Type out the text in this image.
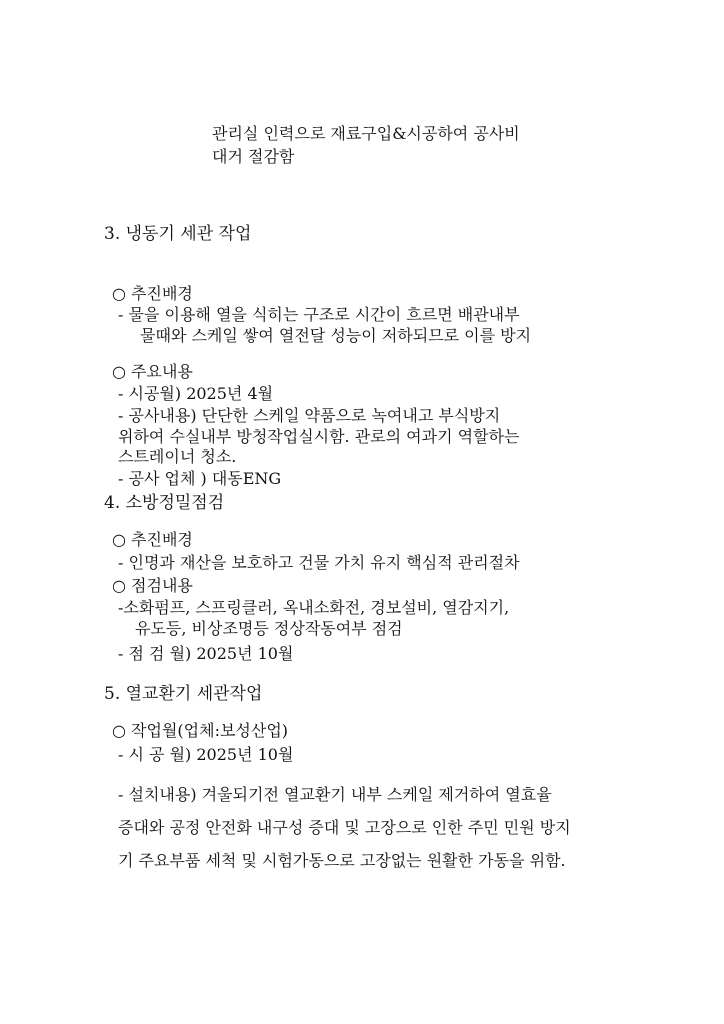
관리실 인력으로 재료구입&시공하여 공사비
대거 절감함
3. 냉동기 세관 작업
○ 추진배경
- 물을 이용해 열을 식히는 구조로 시간이 흐르면 배관내부
물때와 스케일 쌓여 열전달 성능이 저하되므로 이를 방지
○ 주요내용
- 시공월) 2025년 4월
- 공사내용) 단단한 스케일 약품으로 녹여내고 부식방지
위하여 수실내부 방청작업실시함. 관로의 여과기 역할하는
스트레이너 청소.
- 공사 업체 ) 대동ENG
4. 소방정밀점검
○ 추진배경
- 인명과 재산을 보호하고 건물 가치 유지 핵심적 관리절차
○ 점검내용
-소화펌프, 스프링클러, 옥내소화전, 경보설비, 열감지기,
유도등, 비상조명등 정상작동여부 점검
- 점 검 월) 2025년 10월
5. 열교환기 세관작업
○ 작업월(업체:보성산업)
- 시 공 월) 2025년 10월
- 설치내용) 겨울되기전 열교환기 내부 스케일 제거하여 열효율
증대와 공정 안전화 내구성 증대 및 고장으로 인한 주민 민원 방지
기 주요부품 세척 및 시험가동으로 고장없는 원활한 가동을 위함.
